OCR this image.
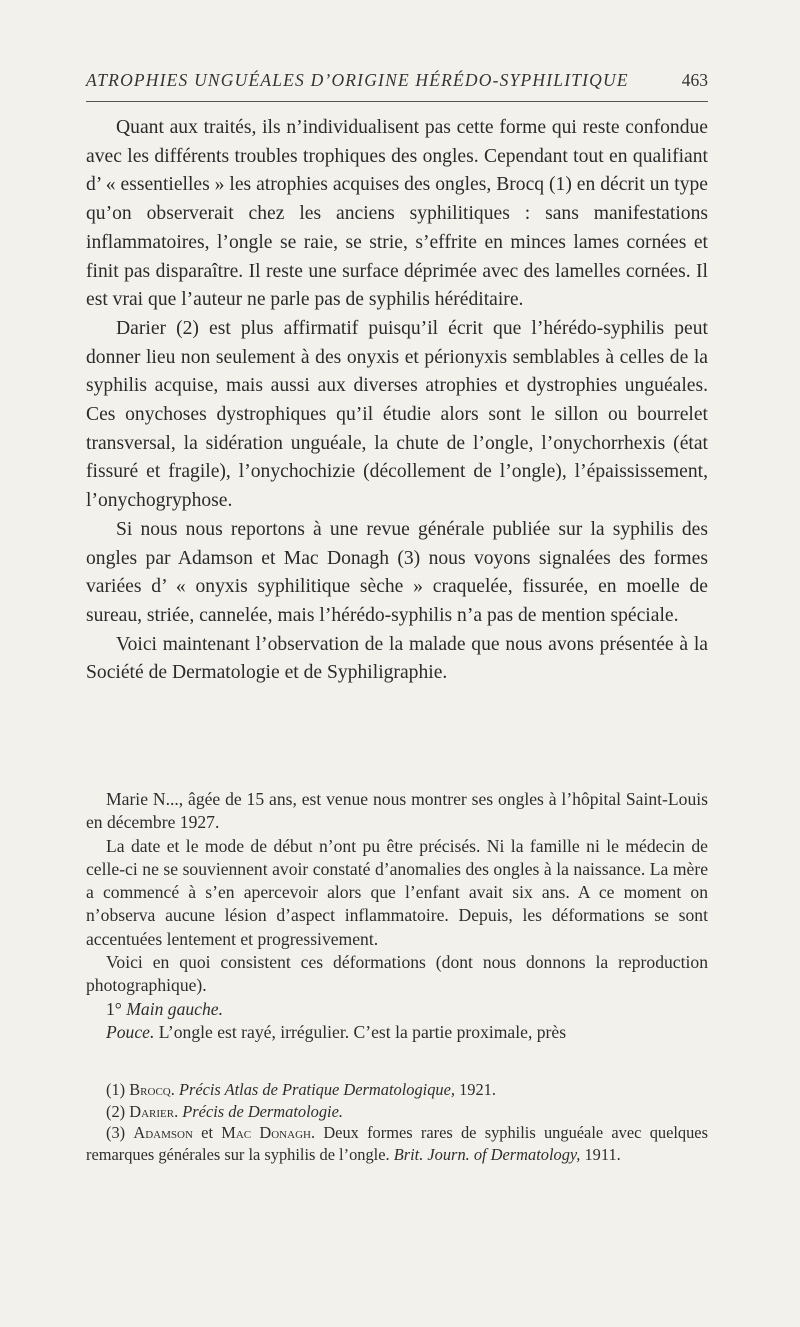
ATROPHIES UNGUÉALES D’ORIGINE HÉRÉDO-SYPHILITIQUE	463

Quant aux traités, ils n’individualisent pas cette forme qui reste confondue avec les différents troubles trophiques des ongles. Cependant tout en qualifiant d’ « essentielles » les atrophies acquises des ongles, Brocq (1) en décrit un type qu’on observerait chez les anciens syphilitiques : sans manifestations inflammatoires, l’ongle se raie, se strie, s’effrite en minces lames cornées et finit pas disparaître. Il reste une surface déprimée avec des lamelles cornées. Il est vrai que l’auteur ne parle pas de syphilis héréditaire.

Darier (2) est plus affirmatif puisqu’il écrit que l’hérédo-syphilis peut donner lieu non seulement à des onyxis et périonyxis semblables à celles de la syphilis acquise, mais aussi aux diverses atrophies et dystrophies unguéales. Ces onychoses dystrophiques qu’il étudie alors sont le sillon ou bourrelet transversal, la sidération unguéale, la chute de l’ongle, l’onychorrhexis (état fissuré et fragile), l’onychochizie (décollement de l’ongle), l’épaississement, l’onychogryphose.

Si nous nous reportons à une revue générale publiée sur la syphilis des ongles par Adamson et Mac Donagh (3) nous voyons signalées des formes variées d’ « onyxis syphilitique sèche » craquelée, fissurée, en moelle de sureau, striée, cannelée, mais l’hérédo-syphilis n’a pas de mention spéciale.

Voici maintenant l’observation de la malade que nous avons présentée à la Société de Dermatologie et de Syphiligraphie.

Marie N..., âgée de 15 ans, est venue nous montrer ses ongles à l’hôpital Saint-Louis en décembre 1927.

La date et le mode de début n’ont pu être précisés. Ni la famille ni le médecin de celle-ci ne se souviennent avoir constaté d’anomalies des ongles à la naissance. La mère a commencé à s’en apercevoir alors que l’enfant avait six ans. A ce moment on n’observa aucune lésion d’aspect inflammatoire. Depuis, les déformations se sont accentuées lentement et progressivement.

Voici en quoi consistent ces déformations (dont nous donnons la reproduction photographique).

1° Main gauche.

Pouce. L’ongle est rayé, irrégulier. C’est la partie proximale, près

(1) Brocq. Précis Atlas de Pratique Dermatologique, 1921.

(2) Darier. Précis de Dermatologie.

(3) Adamson et Mac Donagh. Deux formes rares de syphilis unguéale avec quelques remarques générales sur la syphilis de l’ongle. Brit. Journ. of Dermatology, 1911.
